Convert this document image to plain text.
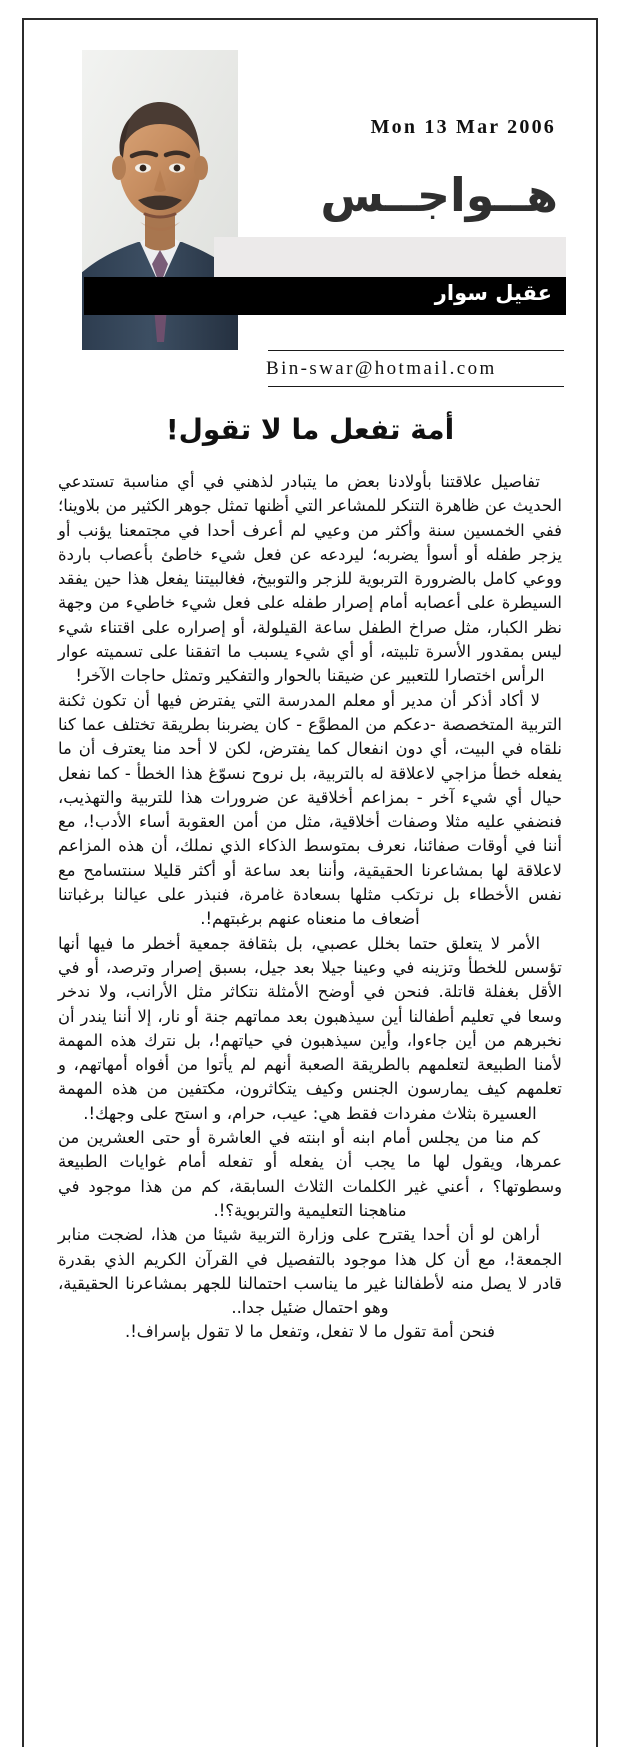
Mon 13 Mar 2006
هــواجــس
عقيل سوار
Bin-swar@hotmail.com
أمة تفعل ما لا تقول!

تفاصيل علاقتنا بأولادنا بعض ما يتبادر لذهني في أي مناسبة تستدعي الحديث عن ظاهرة التنكر للمشاعر التي أظنها تمثل جوهر الكثير من بلاوينا؛ ففي الخمسين سنة وأكثر من وعيي لم أعرف أحدا في مجتمعنا يؤنب أو يزجر طفله أو أسوأ يضربه؛ ليردعه عن فعل شيء خاطئ بأعصاب باردة ووعي كامل بالضرورة التربوية للزجر والتوبيخ، فغالبيتنا يفعل هذا حين يفقد السيطرة على أعصابه أمام إصرار طفله على فعل شيء خاطيء من وجهة نظر الكبار، مثل صراخ الطفل ساعة القيلولة، أو إصراره على اقتناء شيء ليس بمقدور الأسرة تلبيته، أو أي شيء يسبب ما اتفقنا على تسميته عوار الرأس اختصارا للتعبير عن ضيقنا بالحوار والتفكير وتمثل حاجات الآخر!

لا أكاد أذكر أن مدير أو معلم المدرسة التي يفترض فيها أن تكون ثكنة التربية المتخصصة -دعكم من المطوَّع - كان يضربنا بطريقة تختلف عما كنا نلقاه في البيت، أي دون انفعال كما يفترض، لكن لا أحد منا يعترف أن ما يفعله خطأ مزاجي لاعلاقة له بالتربية، بل نروح نسوّغ هذا الخطأ - كما نفعل حيال أي شيء آخر - بمزاعم أخلاقية عن ضرورات هذا للتربية والتهذيب، فنضفي عليه مثلا وصفات أخلاقية، مثل من أمن العقوبة أساء الأدب!، مع أننا في أوقات صفائنا، نعرف بمتوسط الذكاء الذي نملك، أن هذه المزاعم لاعلاقة لها بمشاعرنا الحقيقية، وأننا بعد ساعة أو أكثر قليلا سنتسامح مع نفس الأخطاء بل نرتكب مثلها بسعادة غامرة، فنبذر على عيالنا برغباتنا أضعاف ما منعناه عنهم برغبتهم!.

الأمر لا يتعلق حتما بخلل عصبي، بل بثقافة جمعية أخطر ما فيها أنها تؤسس للخطأ وتزينه في وعينا جيلا بعد جيل، بسبق إصرار وترصد، أو في الأقل بغفلة قاتلة. فنحن في أوضح الأمثلة نتكاثر مثل الأرانب، ولا ندخر وسعا في تعليم أطفالنا أين سيذهبون بعد مماتهم جنة أو نار، إلا أننا يندر أن نخبرهم من أين جاءوا، وأين سيذهبون في حياتهم!، بل نترك هذه المهمة لأمنا الطبيعة لتعلمهم بالطريقة الصعبة أنهم لم يأتوا من أفواه أمهاتهم، و تعلمهم كيف يمارسون الجنس وكيف يتكاثرون، مكتفين من هذه المهمة العسيرة بثلاث مفردات فقط هي: عيب، حرام، و استح على وجهك!.

كم منا من يجلس أمام ابنه أو ابنته في العاشرة أو حتى العشرين من عمرها، ويقول لها ما يجب أن يفعله أو تفعله أمام غوايات الطبيعة وسطوتها؟ ، أعني غير الكلمات الثلاث السابقة، كم من هذا موجود في مناهجنا التعليمية والتربوية؟!.

أراهن لو أن أحدا يقترح على وزارة التربية شيئا من هذا، لضجت منابر الجمعة!، مع أن كل هذا موجود بالتفصيل في القرآن الكريم الذي بقدرة قادر لا يصل منه لأطفالنا غير ما يناسب احتمالنا للجهر بمشاعرنا الحقيقية، وهو احتمال ضئيل جدا..

فنحن أمة تقول ما لا تفعل، وتفعل ما لا تقول بإسراف!.
